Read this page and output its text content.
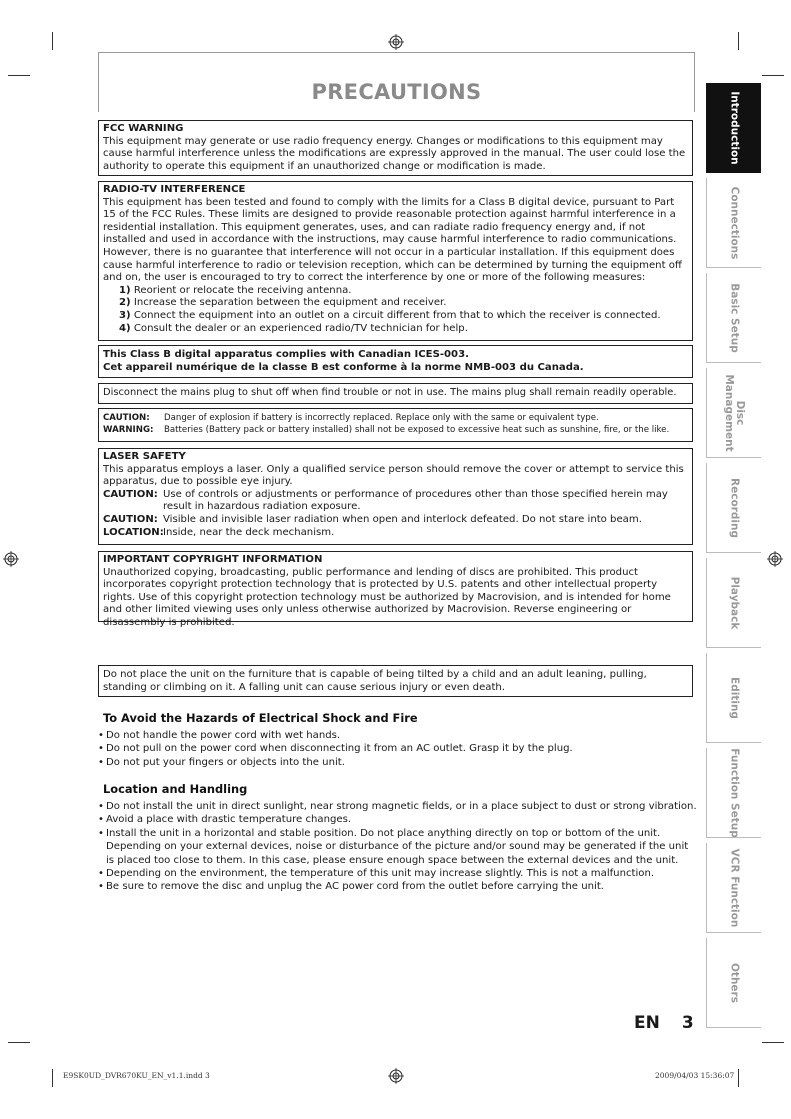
PRECAUTIONS
FCC WARNING
This equipment may generate or use radio frequency energy. Changes or modifications to this equipment may cause harmful interference unless the modifications are expressly approved in the manual. The user could lose the authority to operate this equipment if an unauthorized change or modification is made.
RADIO-TV INTERFERENCE
This equipment has been tested and found to comply with the limits for a Class B digital device, pursuant to Part 15 of the FCC Rules. These limits are designed to provide reasonable protection against harmful interference in a residential installation. This equipment generates, uses, and can radiate radio frequency energy and, if not installed and used in accordance with the instructions, may cause harmful interference to radio communications. However, there is no guarantee that interference will not occur in a particular installation. If this equipment does cause harmful interference to radio or television reception, which can be determined by turning the equipment off and on, the user is encouraged to try to correct the interference by one or more of the following measures:
1) Reorient or relocate the receiving antenna.
2) Increase the separation between the equipment and receiver.
3) Connect the equipment into an outlet on a circuit different from that to which the receiver is connected.
4) Consult the dealer or an experienced radio/TV technician for help.
This Class B digital apparatus complies with Canadian ICES-003.
Cet appareil numérique de la classe B est conforme à la norme NMB-003 du Canada.
Disconnect the mains plug to shut off when find trouble or not in use. The mains plug shall remain readily operable.
CAUTION:	Danger of explosion if battery is incorrectly replaced. Replace only with the same or equivalent type.
WARNING:	Batteries (Battery pack or battery installed) shall not be exposed to excessive heat such as sunshine, fire, or the like.
LASER SAFETY
This apparatus employs a laser. Only a qualified service person should remove the cover or attempt to service this apparatus, due to possible eye injury.
CAUTION: Use of controls or adjustments or performance of procedures other than those specified herein may result in hazardous radiation exposure.
CAUTION: Visible and invisible laser radiation when open and interlock defeated. Do not stare into beam.
LOCATION: Inside, near the deck mechanism.
IMPORTANT COPYRIGHT INFORMATION
Unauthorized copying, broadcasting, public performance and lending of discs are prohibited. This product incorporates copyright protection technology that is protected by U.S. patents and other intellectual property rights. Use of this copyright protection technology must be authorized by Macrovision, and is intended for home and other limited viewing uses only unless otherwise authorized by Macrovision. Reverse engineering or disassembly is prohibited.
Do not place the unit on the furniture that is capable of being tilted by a child and an adult leaning, pulling, standing or climbing on it. A falling unit can cause serious injury or even death.
To Avoid the Hazards of Electrical Shock and Fire
• Do not handle the power cord with wet hands.
• Do not pull on the power cord when disconnecting it from an AC outlet. Grasp it by the plug.
• Do not put your fingers or objects into the unit.
Location and Handling
• Do not install the unit in direct sunlight, near strong magnetic fields, or in a place subject to dust or strong vibration.
• Avoid a place with drastic temperature changes.
• Install the unit in a horizontal and stable position. Do not place anything directly on top or bottom of the unit. Depending on your external devices, noise or disturbance of the picture and/or sound may be generated if the unit is placed too close to them. In this case, please ensure enough space between the external devices and the unit.
• Depending on the environment, the temperature of this unit may increase slightly. This is not a malfunction.
• Be sure to remove the disc and unplug the AC power cord from the outlet before carrying the unit.
Introduction
Connections
Basic Setup
Disc
Management
Recording
Playback
Editing
Function Setup
VCR Function
Others
EN 3
E9SK0UD_DVR670KU_EN_v1.1.indd 3	2009/04/03 15:36:07
